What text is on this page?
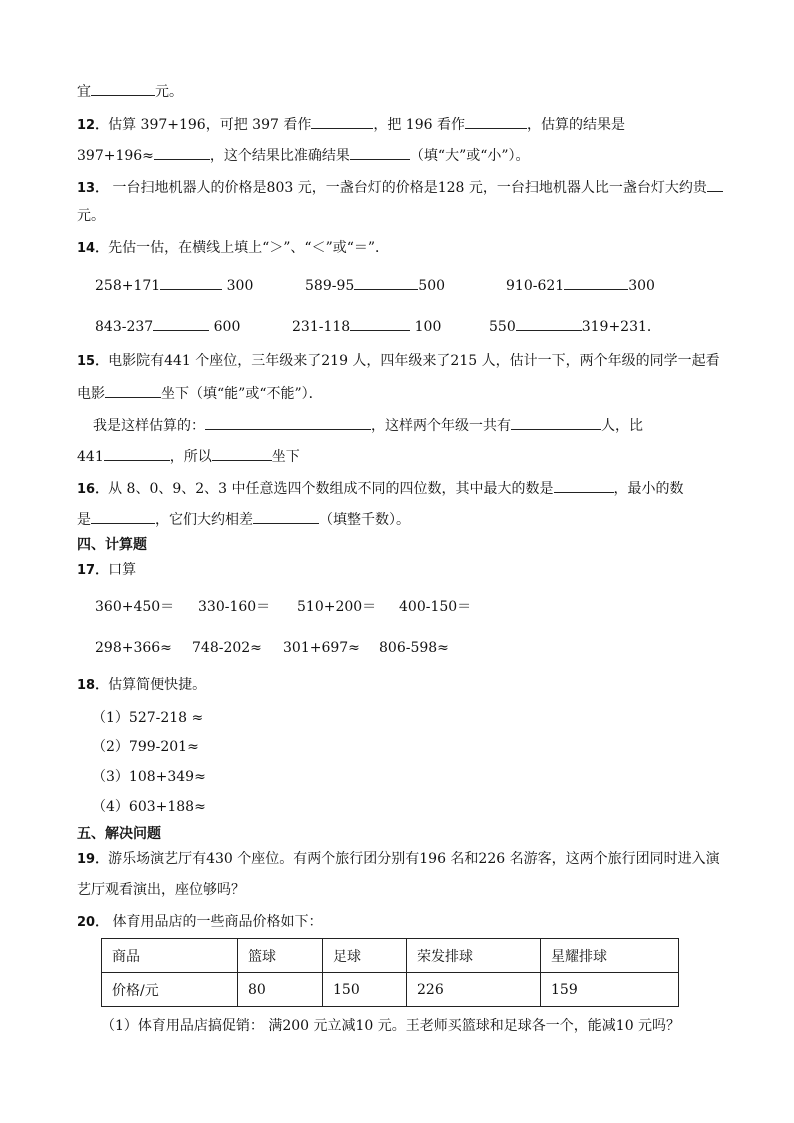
宜	元。
12．估算 397+196，可把 397 看作	，把 196 看作	，估算的结果是
397+196≈	，这个结果比准确结果	（填“大”或“小”）。
13． 一台扫地机器人的价格是803 元，一盏台灯的价格是128 元，一台扫地机器人比一盏台灯大约贵
元。
14．先估一估，在横线上填上“＞”、“＜”或“＝”．
258+171	300	589-95	500	910-621	300
843-237	600	231-118	100	550	319+231．
15．电影院有441 个座位，三年级来了219 人，四年级来了215 人，估计一下，两个年级的同学一起看
电影	坐下（填“能”或“不能”）．
我是这样估算的：	，这样两个年级一共有	人，比
441	，所以	坐下
16．从 8、0、9、2、3 中任意选四个数组成不同的四位数，其中最大的数是	，最小的数
是	，它们大约相差	（填整千数）。
四、计算题
17．口算
360+450＝ 330-160＝ 510+200＝ 400-150＝
298+366≈ 748-202≈ 301+697≈ 806-598≈
18．估算简便快捷。
（1）527-218 ≈
（2）799-201≈
（3）108+349≈
（4）603+188≈
五、解决问题
19．游乐场演艺厅有430 个座位。有两个旅行团分别有196 名和226 名游客，这两个旅行团同时进入演
艺厅观看演出，座位够吗？
20． 体育用品店的一些商品价格如下：
商品	篮球	足球	荣发排球	星耀排球
价格/元	80	150	226	159
（1）体育用品店搞促销： 满200 元立减10 元。王老师买篮球和足球各一个，能减10 元吗？
